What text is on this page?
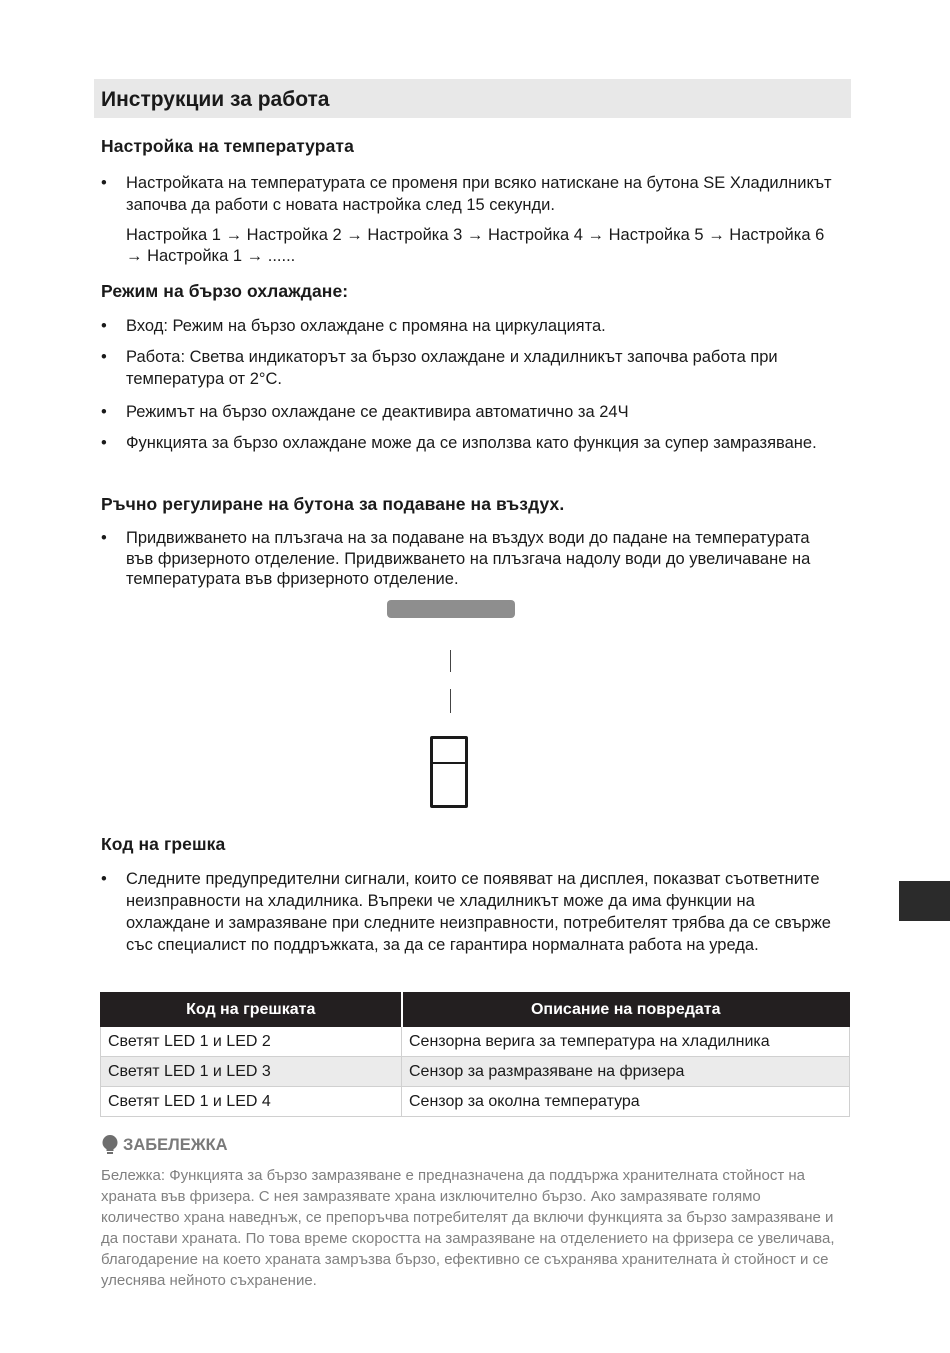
Инструкции за работа
Настройка на температурата
• Настройката на температурата се променя при всяко натискане на бутона SE Хладилникът започва да работи с новата настройка след 15 секунди.
Настройка 1 → Настройка 2 → Настройка 3 → Настройка 4 → Настройка 5 → Настройка 6 → Настройка 1 → ......
Режим на бързо охлаждане:
• Вход: Режим на бързо охлаждане с промяна на циркулацията.
• Работа: Светва индикаторът за бързо охлаждане и хладилникът започва работа при температура от 2°C.
• Режимът на бързо охлаждане се деактивира автоматично за 24Ч
• Функцията за бързо охлаждане може да се използва като функция за супер замразяване.
Ръчно регулиране на бутона за подаване на въздух.
• Придвижването на плъзгача на за подаване на въздух води до падане на температурата във фризерното отделение. Придвижването на плъзгача надолу води до увеличаване на температурата във фризерното отделение.
Код на грешка
• Следните предупредителни сигнали, които се появяват на дисплея, показват съответните неизправности на хладилника. Въпреки че хладилникът може да има функции на охлаждане и замразяване при следните неизправности, потребителят трябва да се свърже със специалист по поддръжката, за да се гарантира нормалната работа на уреда.
Код на грешката	Описание на повредата
Светят LED 1 и LED 2	Сензорна верига за температура на хладилника
Светят LED 1 и LED 3	Сензор за размразяване на фризера
Светят LED 1 и LED 4	Сензор за околна температура
ЗАБЕЛЕЖКА
Бележка: Функцията за бързо замразяване е предназначена да поддържа хранителната стойност на храната във фризера. С нея замразявате храна изключително бързо. Ако замразявате голямо количество храна наведнъж, се препоръчва потребителят да включи функцията за бързо замразяване и да постави храната. По това време скоростта на замразяване на отделението на фризера се увеличава, благодарение на което храната замръзва бързо, ефективно се съхранява хранителната ѝ стойност и се улеснява нейното съхранение.
